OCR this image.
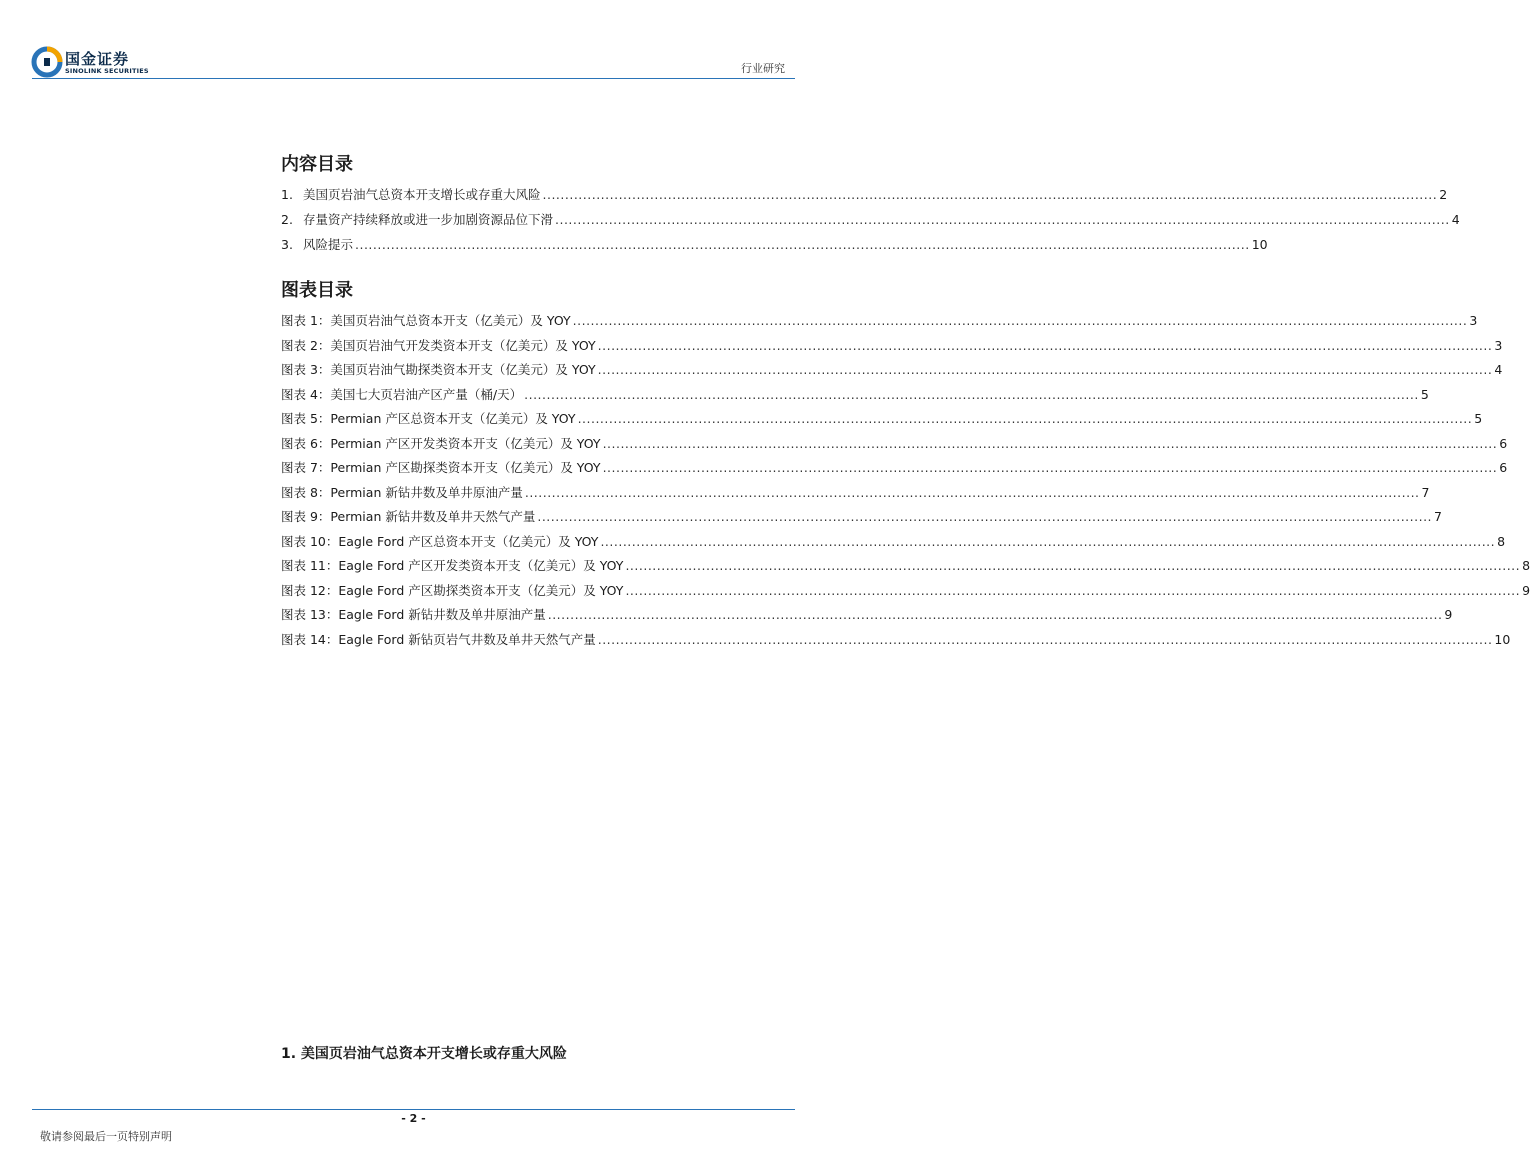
国金证券
SINOLINK SECURITIES	行业研究
内容目录
1. 美国页岩油气总资本开支增长或存重大风险 ........................................................................................................................................................................................................ 2
2. 存量资产持续释放或进一步加剧资源品位下滑 ........................................................................................................................................................................................................ 4
3. 风险提示 ........................................................................................................................................................................................................ 10
图表目录
图表 1：美国页岩油气总资本开支（亿美元）及 YOY ........................................................................................................................................................................................................ 3
图表 2：美国页岩油气开发类资本开支（亿美元）及 YOY ........................................................................................................................................................................................................ 3
图表 3：美国页岩油气勘探类资本开支（亿美元）及 YOY ........................................................................................................................................................................................................ 4
图表 4：美国七大页岩油产区产量（桶/天） ........................................................................................................................................................................................................ 5
图表 5：Permian 产区总资本开支（亿美元）及 YOY ........................................................................................................................................................................................................ 5
图表 6：Permian 产区开发类资本开支（亿美元）及 YOY ........................................................................................................................................................................................................ 6
图表 7：Permian 产区勘探类资本开支（亿美元）及 YOY ........................................................................................................................................................................................................ 6
图表 8：Permian 新钻井数及单井原油产量 ........................................................................................................................................................................................................ 7
图表 9：Permian 新钻井数及单井天然气产量 ........................................................................................................................................................................................................ 7
图表 10：Eagle Ford 产区总资本开支（亿美元）及 YOY ........................................................................................................................................................................................................ 8
图表 11：Eagle Ford 产区开发类资本开支（亿美元）及 YOY ........................................................................................................................................................................................................ 8
图表 12：Eagle Ford 产区勘探类资本开支（亿美元）及 YOY ........................................................................................................................................................................................................ 9
图表 13：Eagle Ford 新钻井数及单井原油产量 ........................................................................................................................................................................................................ 9
图表 14：Eagle Ford 新钻页岩气井数及单井天然气产量 ........................................................................................................................................................................................................ 10
1. 美国页岩油气总资本开支增长或存重大风险
- 2 -
敬请参阅最后一页特别声明
